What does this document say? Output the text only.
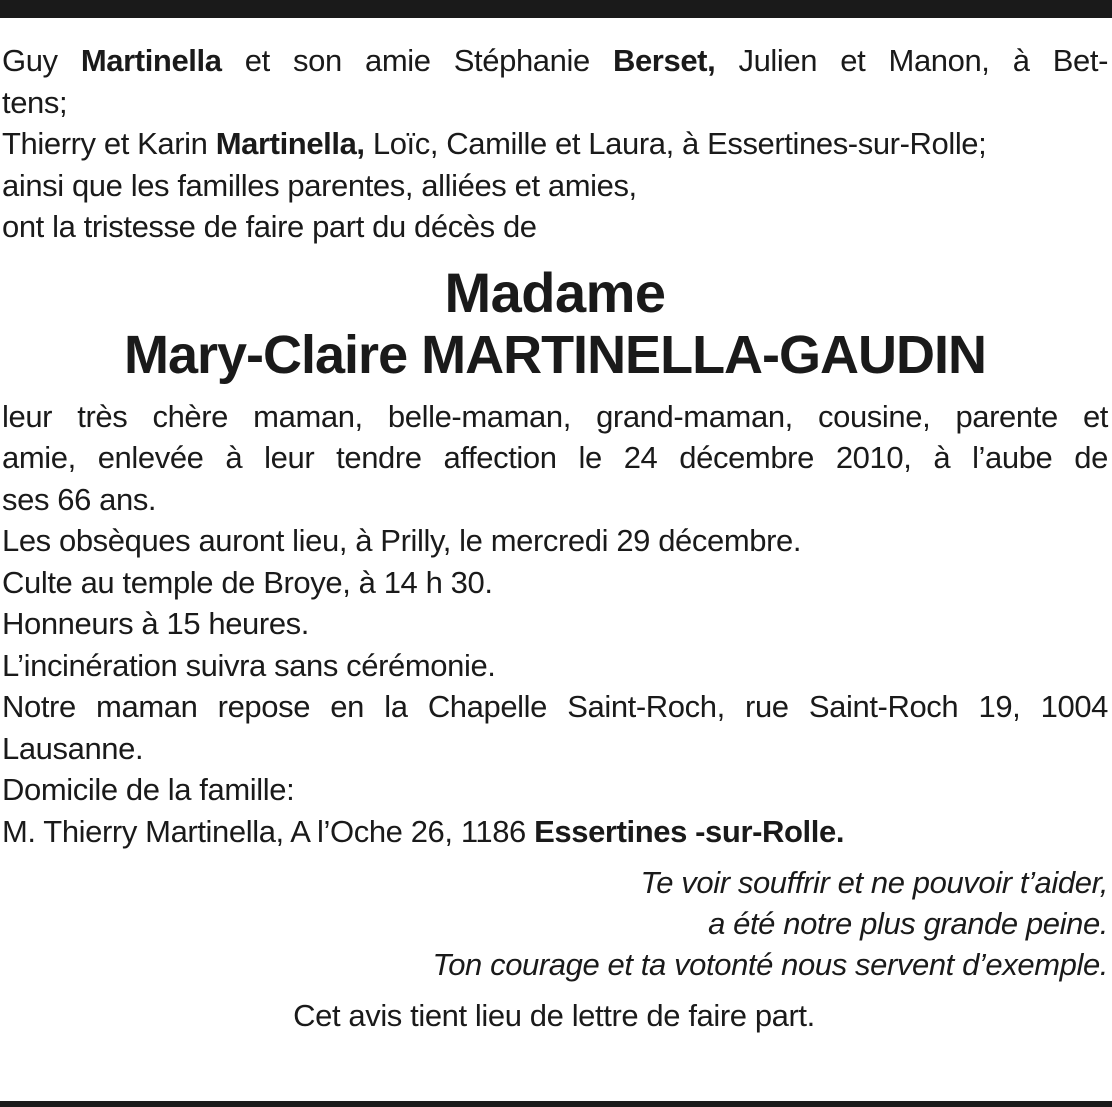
Guy Martinella et son amie Stéphanie Berset, Julien et Manon, à Bet-
tens;
Thierry et Karin Martinella, Loïc, Camille et Laura, à Essertines-sur-Rolle;
ainsi que les familles parentes, alliées et amies,
ont la tristesse de faire part du décès de
Madame
Mary-Claire MARTINELLA-GAUDIN
leur très chère maman, belle-maman, grand-maman, cousine, parente et
amie, enlevée à leur tendre affection le 24 décembre 2010, à l’aube de
ses 66 ans.
Les obsèques auront lieu, à Prilly, le mercredi 29 décembre.
Culte au temple de Broye, à 14 h 30.
Honneurs à 15 heures.
L’incinération suivra sans cérémonie.
Notre maman repose en la Chapelle Saint-Roch, rue Saint-Roch 19, 1004
Lausanne.
Domicile de la famille:
M. Thierry Martinella, A l’Oche 26, 1186 Essertines -sur-Rolle.
Te voir souffrir et ne pouvoir t’aider,
a été notre plus grande peine.
Ton courage et ta votonté nous servent d’exemple.
Cet avis tient lieu de lettre de faire part.
